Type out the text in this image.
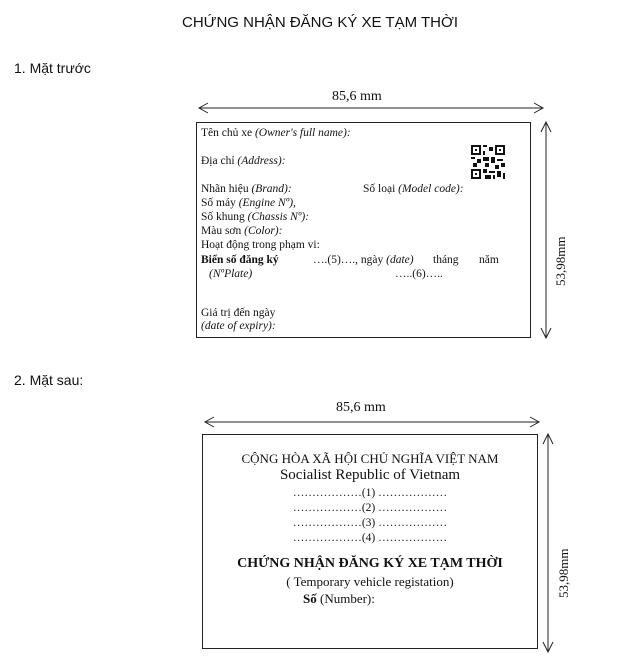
CHỨNG NHẬN ĐĂNG KÝ XE TẠM THỜI
1. Mặt trước
85,6 mm
53,98mm
Tên chủ xe (Owner's full name):
Địa chỉ (Address):
Nhãn hiệu (Brand):	Số loại (Model code):
Số máy (Engine Nº),
Số khung (Chassis Nº):
Màu sơn (Color):
Hoạt động trong phạm vi:
Biển số đăng ký
(NºPlate)
….(5)…., ngày (date) tháng năm
…..(6)…..
Giá trị đến ngày
(date of expiry):
2. Mặt sau:
85,6 mm
53,98mm
CỘNG HÒA XÃ HỘI CHỦ NGHĨA VIỆT NAM
Socialist Republic of Vietnam
………………(1) ………………
………………(2) ………………
………………(3) ………………
………………(4) ………………
CHỨNG NHẬN ĐĂNG KÝ XE TẠM THỜI
( Temporary vehicle registation)
Số (Number):
